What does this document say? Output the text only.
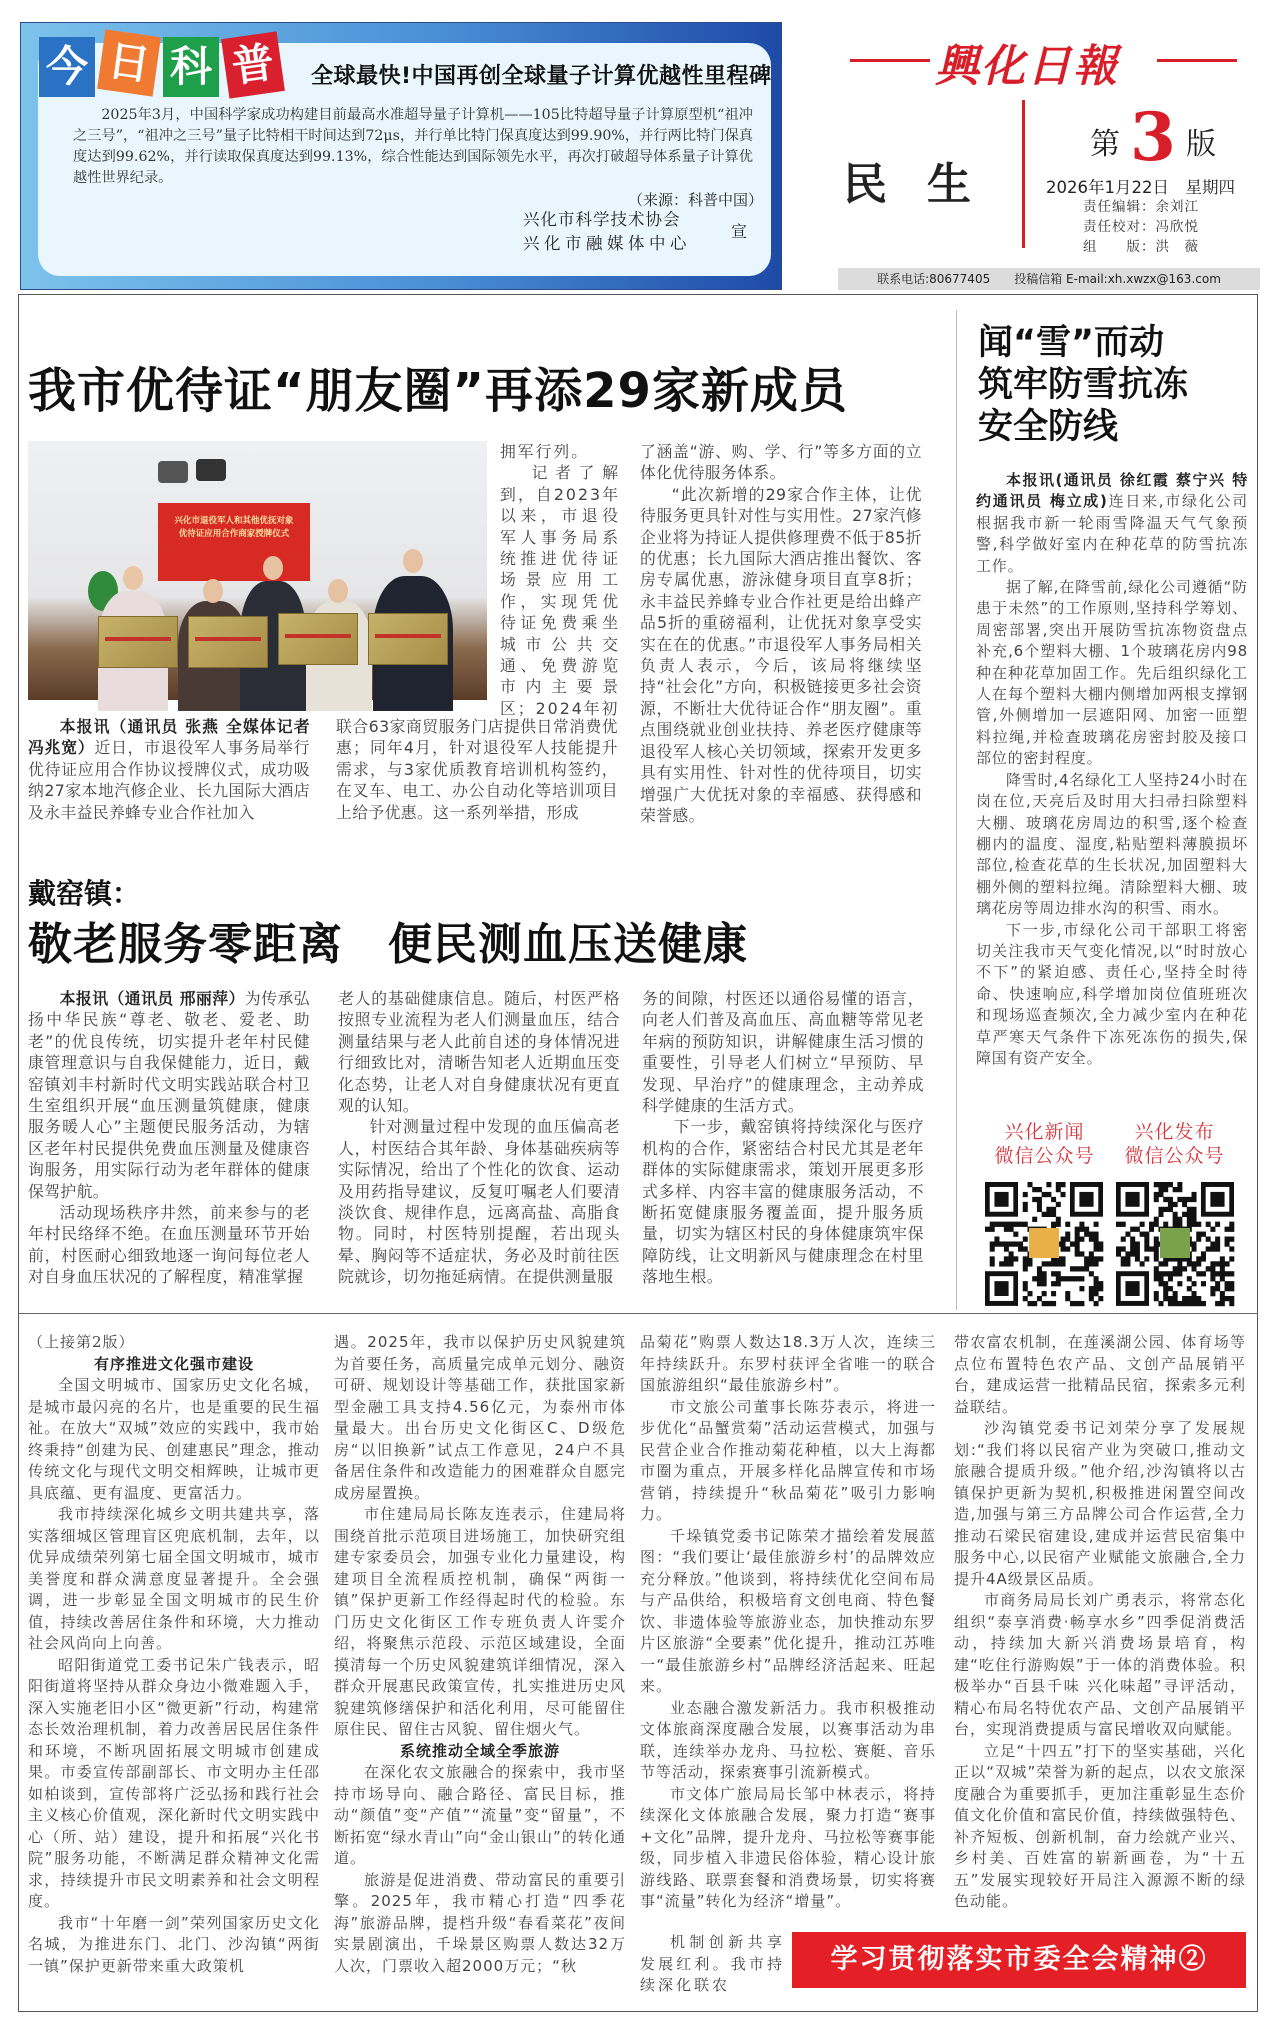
今 日 科 普	全球最快!中国再创全球量子计算优越性里程碑
2025年3月，中国科学家成功构建目前最高水准超导量子计算机——105比特超导量子计算原型机“祖冲之三号”，“祖冲之三号”量子比特相干时间达到72μs，并行单比特门保真度达到99.90%，并行两比特门保真度达到99.62%，并行读取保真度达到99.13%，综合性能达到国际领先水平，再次打破超导体系量子计算优越性世界纪录。
（来源：科普中国）
兴化市科学技术协会
兴化市融媒体中心
宣
興化日報
民生
第 3 版
2026年1月22日　星期四
责任编辑：余刘江
责任校对：冯欣悦
组　　版：洪　薇
联系电话:80677405　　投稿信箱 E-mail:xh.xwzx@163.com
我市优待证“朋友圈”再添29家新成员
兴化市退役军人和其他优抚对象优待证应用合作商家授牌仪式

拥军行列。

记者了解到，自2023年以来，市退役军人事务局系统推进优待证场景应用工作，实现凭优待证免费乘坐城市公共交通、免费游览市内主要景区；2024年初

本报讯（通讯员 张燕 全媒体记者 冯兆宽）近日，市退役军人事务局举行优待证应用合作协议授牌仪式，成功吸纳27家本地汽修企业、长九国际大酒店及永丰益民养蜂专业合作社加入

联合63家商贸服务门店提供日常消费优惠；同年4月，针对退役军人技能提升需求，与3家优质教育培训机构签约，在叉车、电工、办公自动化等培训项目上给予优惠。这一系列举措，形成

了涵盖“游、购、学、行”等多方面的立体化优待服务体系。

“此次新增的29家合作主体，让优待服务更具针对性与实用性。27家汽修企业将为持证人提供修理费不低于85折的优惠；长九国际大酒店推出餐饮、客房专属优惠，游泳健身项目直享8折；永丰益民养蜂专业合作社更是给出蜂产品5折的重磅福利，让优抚对象享受实实在在的优惠。”市退役军人事务局相关负责人表示，今后，该局将继续坚持“社会化”方向，积极链接更多社会资源，不断壮大优待证合作“朋友圈”。重点围绕就业创业扶持、养老医疗健康等退役军人核心关切领域，探索开发更多具有实用性、针对性的优待项目，切实增强广大优抚对象的幸福感、获得感和荣誉感。

闻“雪”而动
筑牢防雪抗冻
安全防线

本报讯(通讯员 徐红霞 蔡宁兴 特约通讯员 梅立成)连日来,市绿化公司根据我市新一轮雨雪降温天气气象预警,科学做好室内在种花草的防雪抗冻工作。

据了解,在降雪前,绿化公司遵循“防患于未然”的工作原则,坚持科学筹划、周密部署,突出开展防雪抗冻物资盘点补充,6个塑料大棚、1个玻璃花房内98种在种花草加固工作。先后组织绿化工人在每个塑料大棚内侧增加两根支撑钢管,外侧增加一层遮阳网、加密一匝塑料拉绳,并检查玻璃花房密封胶及接口部位的密封程度。

降雪时,4名绿化工人坚持24小时在岗在位,天亮后及时用大扫帚扫除塑料大棚、玻璃花房周边的积雪,逐个检查棚内的温度、湿度,粘贴塑料薄膜损坏部位,检查花草的生长状况,加固塑料大棚外侧的塑料拉绳。清除塑料大棚、玻璃花房等周边排水沟的积雪、雨水。

下一步,市绿化公司干部职工将密切关注我市天气变化情况,以“时时放心不下”的紧迫感、责任心,坚持全时待命、快速响应,科学增加岗位值班班次和现场巡查频次,全力减少室内在种花草严寒天气条件下冻死冻伤的损失,保障国有资产安全。

兴化新闻
微信公众号
兴化发布
微信公众号
戴窑镇：
敬老服务零距离　便民测血压送健康

本报讯（通讯员 邢丽萍）为传承弘扬中华民族“尊老、敬老、爱老、助老”的优良传统，切实提升老年村民健康管理意识与自我保健能力，近日，戴窑镇刘丰村新时代文明实践站联合村卫生室组织开展“血压测量筑健康，健康服务暖人心”主题便民服务活动，为辖区老年村民提供免费血压测量及健康咨询服务，用实际行动为老年群体的健康保驾护航。

活动现场秩序井然，前来参与的老年村民络绎不绝。在血压测量环节开始前，村医耐心细致地逐一询问每位老人对自身血压状况的了解程度，精准掌握

老人的基础健康信息。随后，村医严格按照专业流程为老人们测量血压，结合测量结果与老人此前自述的身体情况进行细致比对，清晰告知老人近期血压变化态势，让老人对自身健康状况有更直观的认知。

针对测量过程中发现的血压偏高老人，村医结合其年龄、身体基础疾病等实际情况，给出了个性化的饮食、运动及用药指导建议，反复叮嘱老人们要清淡饮食、规律作息，远离高盐、高脂食物。同时，村医特别提醒，若出现头晕、胸闷等不适症状，务必及时前往医院就诊，切勿拖延病情。在提供测量服

务的间隙，村医还以通俗易懂的语言，向老人们普及高血压、高血糖等常见老年病的预防知识，讲解健康生活习惯的重要性，引导老人们树立“早预防、早发现、早治疗”的健康理念，主动养成科学健康的生活方式。

下一步，戴窑镇将持续深化与医疗机构的合作，紧密结合村民尤其是老年群体的实际健康需求，策划开展更多形式多样、内容丰富的健康服务活动，不断拓宽健康服务覆盖面，提升服务质量，切实为辖区村民的身体健康筑牢保障防线，让文明新风与健康理念在村里落地生根。

（上接第2版）
有序推进文化强市建设

全国文明城市、国家历史文化名城，是城市最闪亮的名片，也是重要的民生福祉。在放大“双城”效应的实践中，我市始终秉持“创建为民、创建惠民”理念，推动传统文化与现代文明交相辉映，让城市更具底蕴、更有温度、更富活力。

我市持续深化城乡文明共建共享，落实落细城区管理盲区兜底机制，去年，以优异成绩荣列第七届全国文明城市，城市美誉度和群众满意度显著提升。全会强调，进一步彰显全国文明城市的民生价值，持续改善居住条件和环境，大力推动社会风尚向上向善。

昭阳街道党工委书记朱广钱表示，昭阳街道将坚持从群众身边小微难题入手，深入实施老旧小区“微更新”行动，构建常态长效治理机制，着力改善居民居住条件和环境，不断巩固拓展文明城市创建成果。市委宣传部副部长、市文明办主任邵如柏谈到，宣传部将广泛弘扬和践行社会主义核心价值观，深化新时代文明实践中心（所、站）建设，提升和拓展“兴化书院”服务功能，不断满足群众精神文化需求，持续提升市民文明素养和社会文明程度。

我市“十年磨一剑”荣列国家历史文化名城，为推进东门、北门、沙沟镇“两街一镇”保护更新带来重大政策机

遇。2025年，我市以保护历史风貌建筑为首要任务，高质量完成单元划分、融资可研、规划设计等基础工作，获批国家新型金融工具支持4.56亿元，为泰州市体量最大。出台历史文化街区C、D级危房“以旧换新”试点工作意见，24户不具备居住条件和改造能力的困难群众自愿完成房屋置换。

市住建局局长陈友连表示，住建局将围绕首批示范项目进场施工，加快研究组建专家委员会，加强专业化力量建设，构建项目全流程质控机制，确保“两街一镇”保护更新工作经得起时代的检验。东门历史文化街区工作专班负责人许雯介绍，将聚焦示范段、示范区域建设，全面摸清每一个历史风貌建筑详细情况，深入群众开展惠民政策宣传，扎实推进历史风貌建筑修缮保护和活化利用，尽可能留住原住民、留住古风貌、留住烟火气。

系统推动全域全季旅游

在深化农文旅融合的探索中，我市坚持市场导向、融合路径、富民目标，推动“颜值”变“产值”“流量”变“留量”，不断拓宽“绿水青山”向“金山银山”的转化通道。

旅游是促进消费、带动富民的重要引擎。2025年，我市精心打造“四季花海”旅游品牌，提档升级“春看菜花”夜间实景剧演出，千垛景区购票人数达32万人次，门票收入超2000万元；“秋

品菊花”购票人数达18.3万人次，连续三年持续跃升。东罗村获评全省唯一的联合国旅游组织“最佳旅游乡村”。

市文旅公司董事长陈芬表示，将进一步优化“品蟹赏菊”活动运营模式，加强与民营企业合作推动菊花种植，以大上海都市圈为重点，开展多样化品牌宣传和市场营销，持续提升“秋品菊花”吸引力影响力。

千垛镇党委书记陈荣才描绘着发展蓝图：“我们要让‘最佳旅游乡村’的品牌效应充分释放。”他谈到，将持续优化空间布局与产品供给，积极培育文创电商、特色餐饮、非遗体验等旅游业态，加快推动东罗片区旅游“全要素”优化提升，推动江苏唯一“最佳旅游乡村”品牌经济活起来、旺起来。

业态融合激发新活力。我市积极推动文体旅商深度融合发展，以赛事活动为串联，连续举办龙舟、马拉松、赛艇、音乐节等活动，探索赛事引流新模式。

市文体广旅局局长邹中林表示，将持续深化文体旅融合发展，聚力打造“赛事+文化”品牌，提升龙舟、马拉松等赛事能级，同步植入非遗民俗体验，精心设计旅游线路、联票套餐和消费场景，切实将赛事“流量”转化为经济“增量”。

机制创新共享发展红利。我市持续深化联农

带农富农机制，在莲溪湖公园、体育场等点位布置特色农产品、文创产品展销平台，建成运营一批精品民宿，探索多元利益联结。

沙沟镇党委书记刘荣分享了发展规划:“我们将以民宿产业为突破口,推动文旅融合提质升级。”他介绍,沙沟镇将以古镇保护更新为契机,积极推进闲置空间改造,加强与第三方品牌公司合作运营,全力推动石梁民宿建设,建成并运营民宿集中服务中心,以民宿产业赋能文旅融合,全力提升4A级景区品质。

市商务局局长刘广勇表示，将常态化组织“泰享消费·畅享水乡”四季促消费活动，持续加大新兴消费场景培育，构建“吃住行游购娱”于一体的消费体验。积极举办“百县千味 兴化味超”寻评活动，精心布局名特优农产品、文创产品展销平台，实现消费提质与富民增收双向赋能。

立足“十四五”打下的坚实基础，兴化正以“双城”荣誉为新的起点，以农文旅深度融合为重要抓手，更加注重彰显生态价值文化价值和富民价值，持续做强特色、补齐短板、创新机制，奋力绘就产业兴、乡村美、百姓富的崭新画卷，为“十五五”发展实现较好开局注入源源不断的绿色动能。

学习贯彻落实市委全会精神②
